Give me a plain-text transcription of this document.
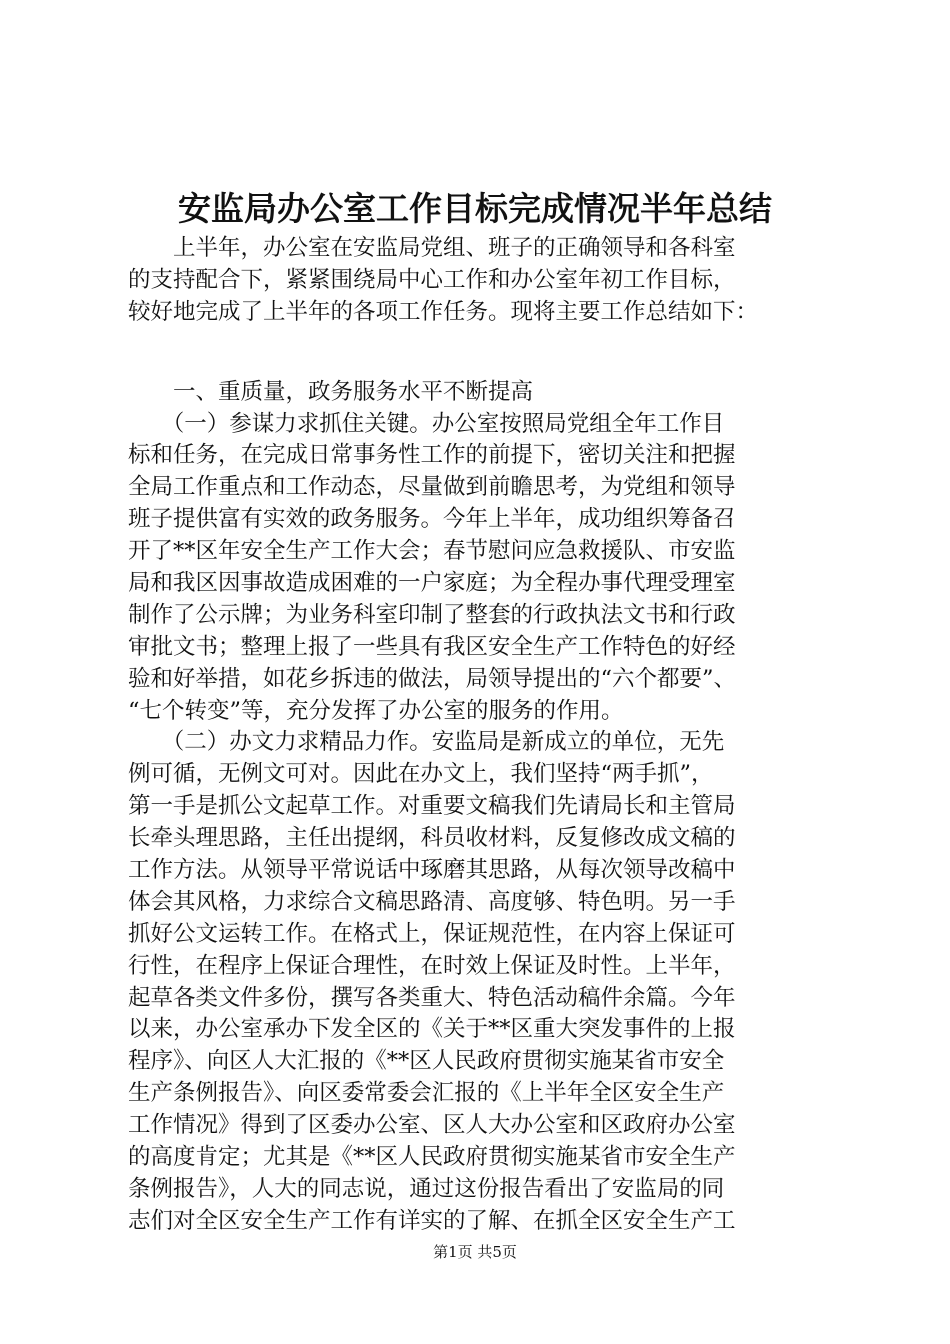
安监局办公室工作目标完成情况半年总结
　　上半年，办公室在安监局党组、班子的正确领导和各科室
的支持配合下，紧紧围绕局中心工作和办公室年初工作目标，
较好地完成了上半年的各项工作任务。现将主要工作总结如下：
　　一、重质量，政务服务水平不断提高
　　（一）参谋力求抓住关键。办公室按照局党组全年工作目
标和任务，在完成日常事务性工作的前提下，密切关注和把握
全局工作重点和工作动态，尽量做到前瞻思考，为党组和领导
班子提供富有实效的政务服务。今年上半年，成功组织筹备召
开了**区年安全生产工作大会；春节慰问应急救援队、市安监
局和我区因事故造成困难的一户家庭；为全程办事代理受理室
制作了公示牌；为业务科室印制了整套的行政执法文书和行政
审批文书；整理上报了一些具有我区安全生产工作特色的好经
验和好举措，如花乡拆违的做法，局领导提出的“六个都要”、
“七个转变”等，充分发挥了办公室的服务的作用。
　　（二）办文力求精品力作。安监局是新成立的单位，无先
例可循，无例文可对。因此在办文上，我们坚持“两手抓”，
第一手是抓公文起草工作。对重要文稿我们先请局长和主管局
长牵头理思路，主任出提纲，科员收材料，反复修改成文稿的
工作方法。从领导平常说话中琢磨其思路，从每次领导改稿中
体会其风格，力求综合文稿思路清、高度够、特色明。另一手
抓好公文运转工作。在格式上，保证规范性，在内容上保证可
行性，在程序上保证合理性，在时效上保证及时性。上半年，
起草各类文件多份，撰写各类重大、特色活动稿件余篇。今年
以来，办公室承办下发全区的《关于**区重大突发事件的上报
程序》、向区人大汇报的《**区人民政府贯彻实施某省市安全
生产条例报告》、向区委常委会汇报的《上半年全区安全生产
工作情况》得到了区委办公室、区人大办公室和区政府办公室
的高度肯定；尤其是《**区人民政府贯彻实施某省市安全生产
条例报告》，人大的同志说，通过这份报告看出了安监局的同
志们对全区安全生产工作有详实的了解、在抓全区安全生产工
第1页 共5页
